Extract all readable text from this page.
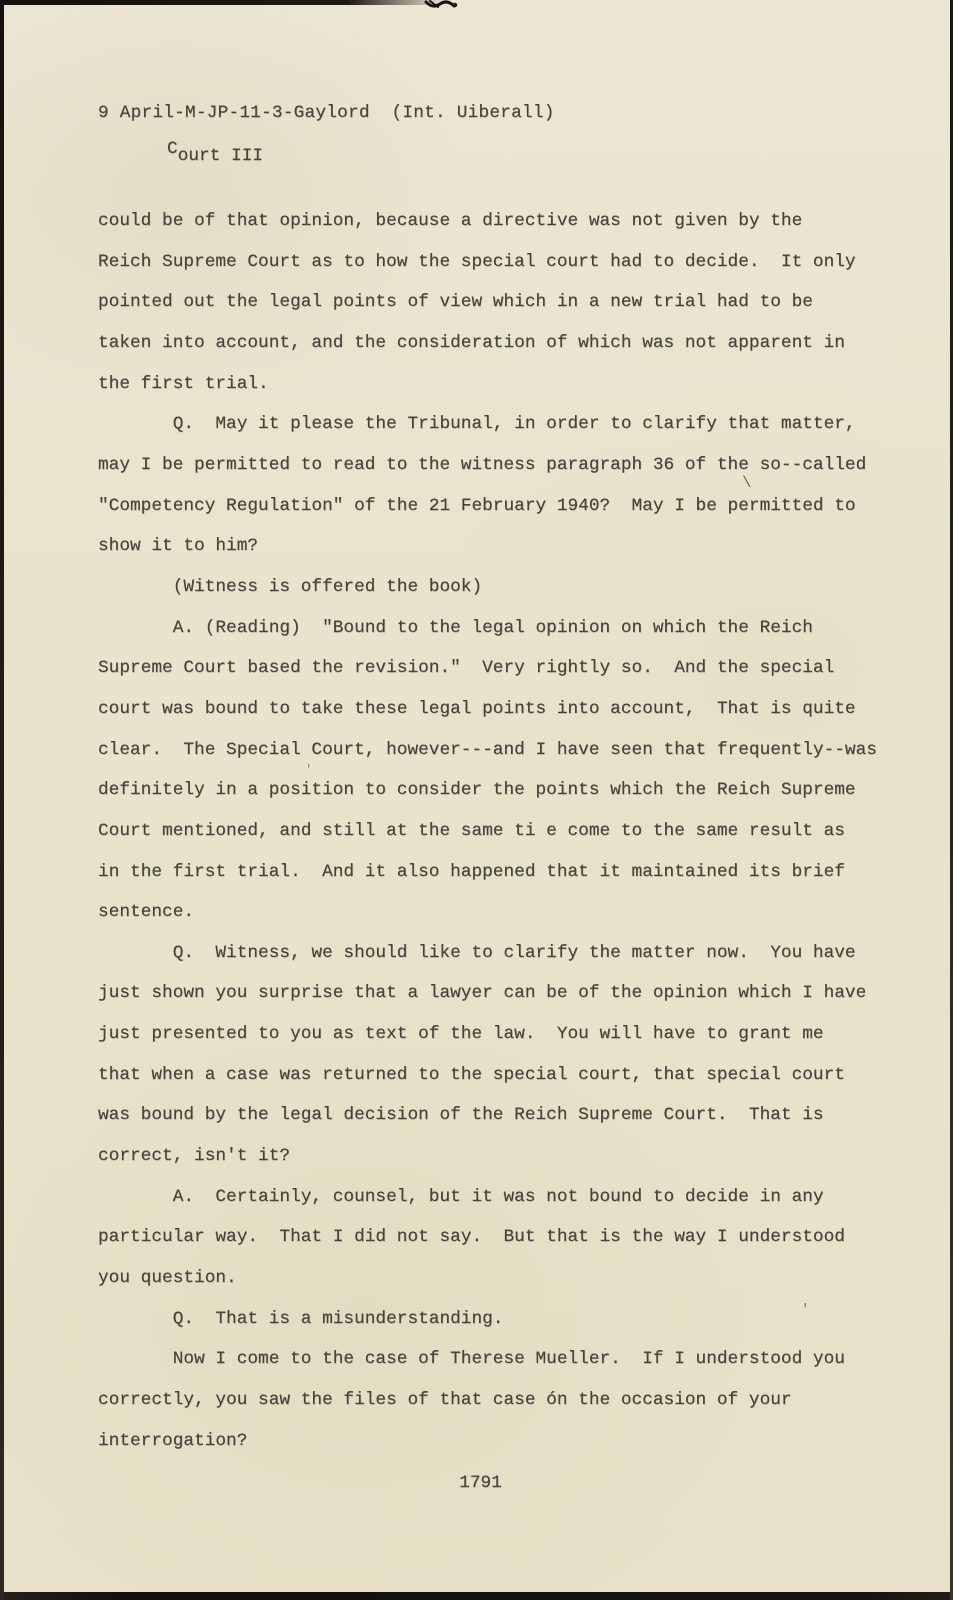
9 April-M-JP-11-3-Gaylord  (Int. Uiberall)
Court III
could be of that opinion, because a directive was not given by the
Reich Supreme Court as to how the special court had to decide.  It only
pointed out the legal points of view which in a new trial had to be
taken into account, and the consideration of which was not apparent in
the first trial.
Q.  May it please the Tribunal, in order to clarify that matter,
may I be permitted to read to the witness paragraph 36 of the so--called
"Competency Regulation" of the 21 February 1940?  May I be permitted to
show it to him?
(Witness is offered the book)
A. (Reading)  "Bound to the legal opinion on which the Reich
Supreme Court based the revision."  Very rightly so.  And the special
court was bound to take these legal points into account,  That is quite
clear.  The Special Court, however---and I have seen that frequently--was
definitely in a position to consider the points which the Reich Supreme
Court mentioned, and still at the same ti e come to the same result as
in the first trial.  And it also happened that it maintained its brief
sentence.
Q.  Witness, we should like to clarify the matter now.  You have
just shown you surprise that a lawyer can be of the opinion which I have
just presented to you as text of the law.  You will have to grant me
that when a case was returned to the special court, that special court
was bound by the legal decision of the Reich Supreme Court.  That is
correct, isn't it?
A.  Certainly, counsel, but it was not bound to decide in any
particular way.  That I did not say.  But that is the way I understood
you question.
Q.  That is a misunderstanding.
Now I come to the case of Therese Mueller.  If I understood you
correctly, you saw the files of that case ón the occasion of your
interrogation?
1791
\
'
'
